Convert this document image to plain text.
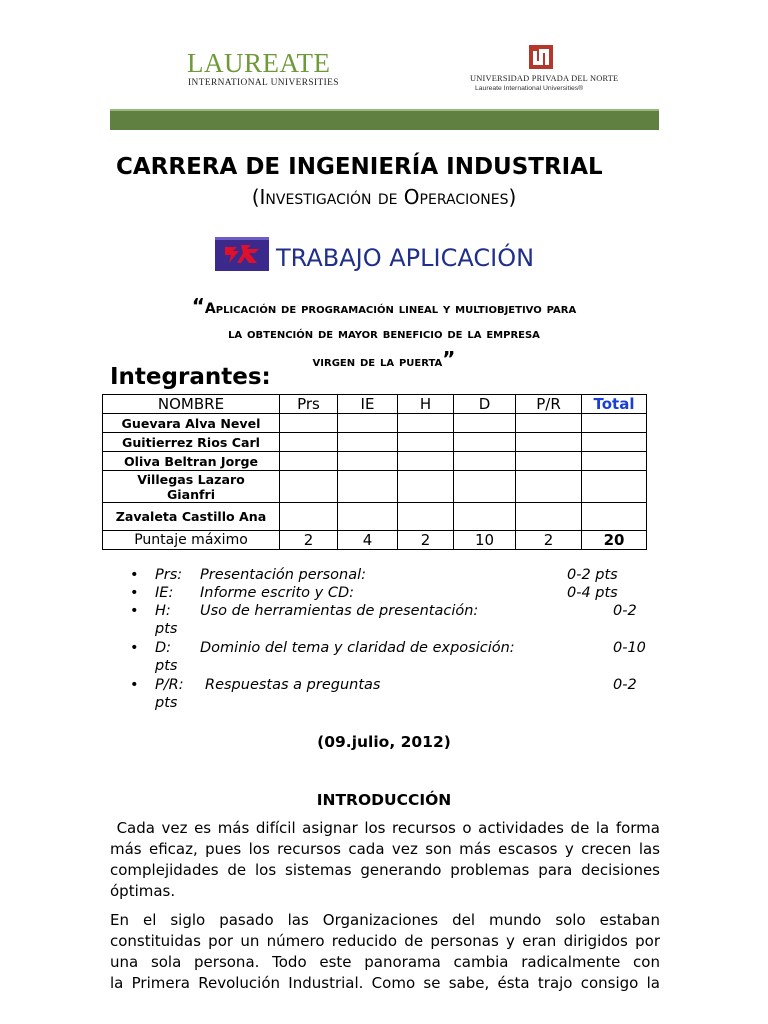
LAUREATE
INTERNATIONAL UNIVERSITIES	UNIVERSIDAD PRIVADA DEL NORTE
Laureate International Universities®
CARRERA DE INGENIERÍA INDUSTRIAL
(Investigación de Operaciones)
TRABAJO APLICACIÓN
“Aplicación de programación lineal y multiobjetivo para
la obtención de mayor beneficio de la empresa
virgen de la puerta”
Integrantes:
NOMBRE	Prs	IE	H	D	P/R	Total
Guevara Alva Nevel						
Guitierrez Rios Carl						
Oliva Beltran Jorge						
Villegas Lazaro Gianfri						
Zavaleta Castillo Ana						
Puntaje máximo	2	4	2	10	2	20
• Prs: Presentación personal:	0-2 pts
• IE: Informe escrito y CD:	0-4 pts
• H: Uso de herramientas de presentación:	0-2
pts
• D: Dominio del tema y claridad de exposición:	0-10
pts
• P/R: Respuestas a preguntas	0-2
pts
(09.julio, 2012)
INTRODUCCIÓN
Cada vez es más difícil asignar los recursos o actividades de la forma
más eficaz, pues los recursos cada vez son más escasos y crecen las
complejidades de los sistemas generando problemas para decisiones
óptimas.
En el siglo pasado las Organizaciones del mundo solo estaban
constituidas por un número reducido de personas y eran dirigidos por
una sola persona. Todo este panorama cambia radicalmente con
la Primera Revolución Industrial. Como se sabe, ésta trajo consigo la
